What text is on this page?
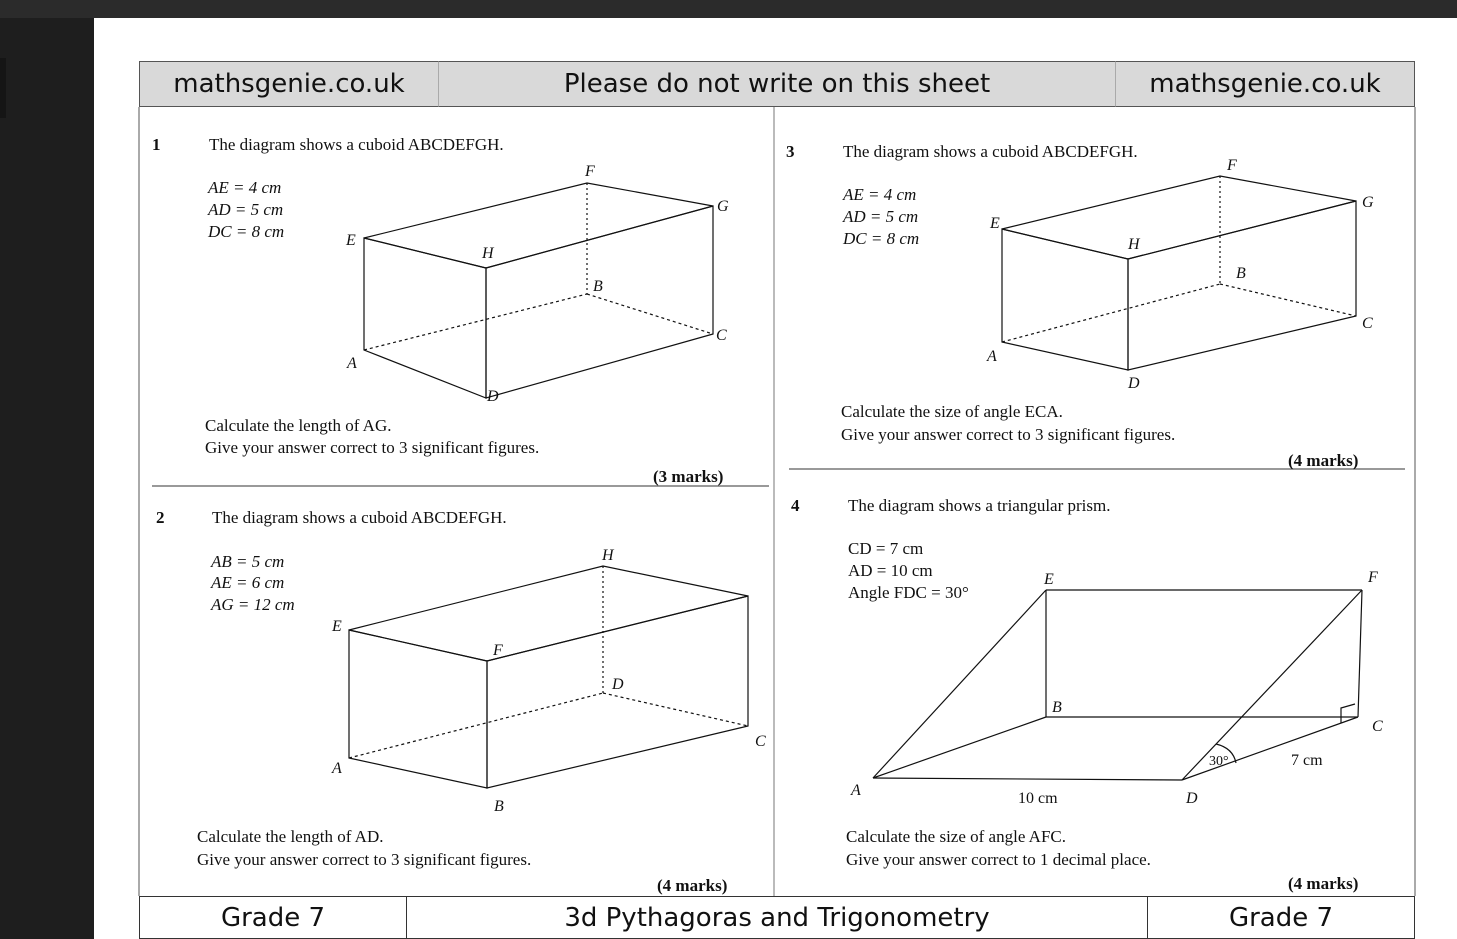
mathsgenie.co.uk	Please do not write on this sheet	mathsgenie.co.uk
1	The diagram shows a cuboid ABCDEFGH.
AE = 4 cm
AD = 5 cm
DC = 8 cm
Calculate the length of AG.
Give your answer correct to 3 significant figures.
(3 marks)
2	The diagram shows a cuboid ABCDEFGH.
AB = 5 cm
AE = 6 cm
AG = 12 cm
Calculate the length of AD.
Give your answer correct to 3 significant figures.
(4 marks)
3	The diagram shows a cuboid ABCDEFGH.
AE = 4 cm
AD = 5 cm
DC = 8 cm
Calculate the size of angle ECA.
Give your answer correct to 3 significant figures.
(4 marks)
4	The diagram shows a triangular prism.
CD = 7 cm
AD = 10 cm
Angle FDC = 30°
Calculate the size of angle AFC.
Give your answer correct to 1 decimal place.
(4 marks)
F
G
E
H
B
C
A
D
H
E
F
D
C
A
B
F
G
E
H
B
C
A
D
E	F
B
C
A	D
30°	7 cm
10 cm
Grade 7	3d Pythagoras and Trigonometry	Grade 7
